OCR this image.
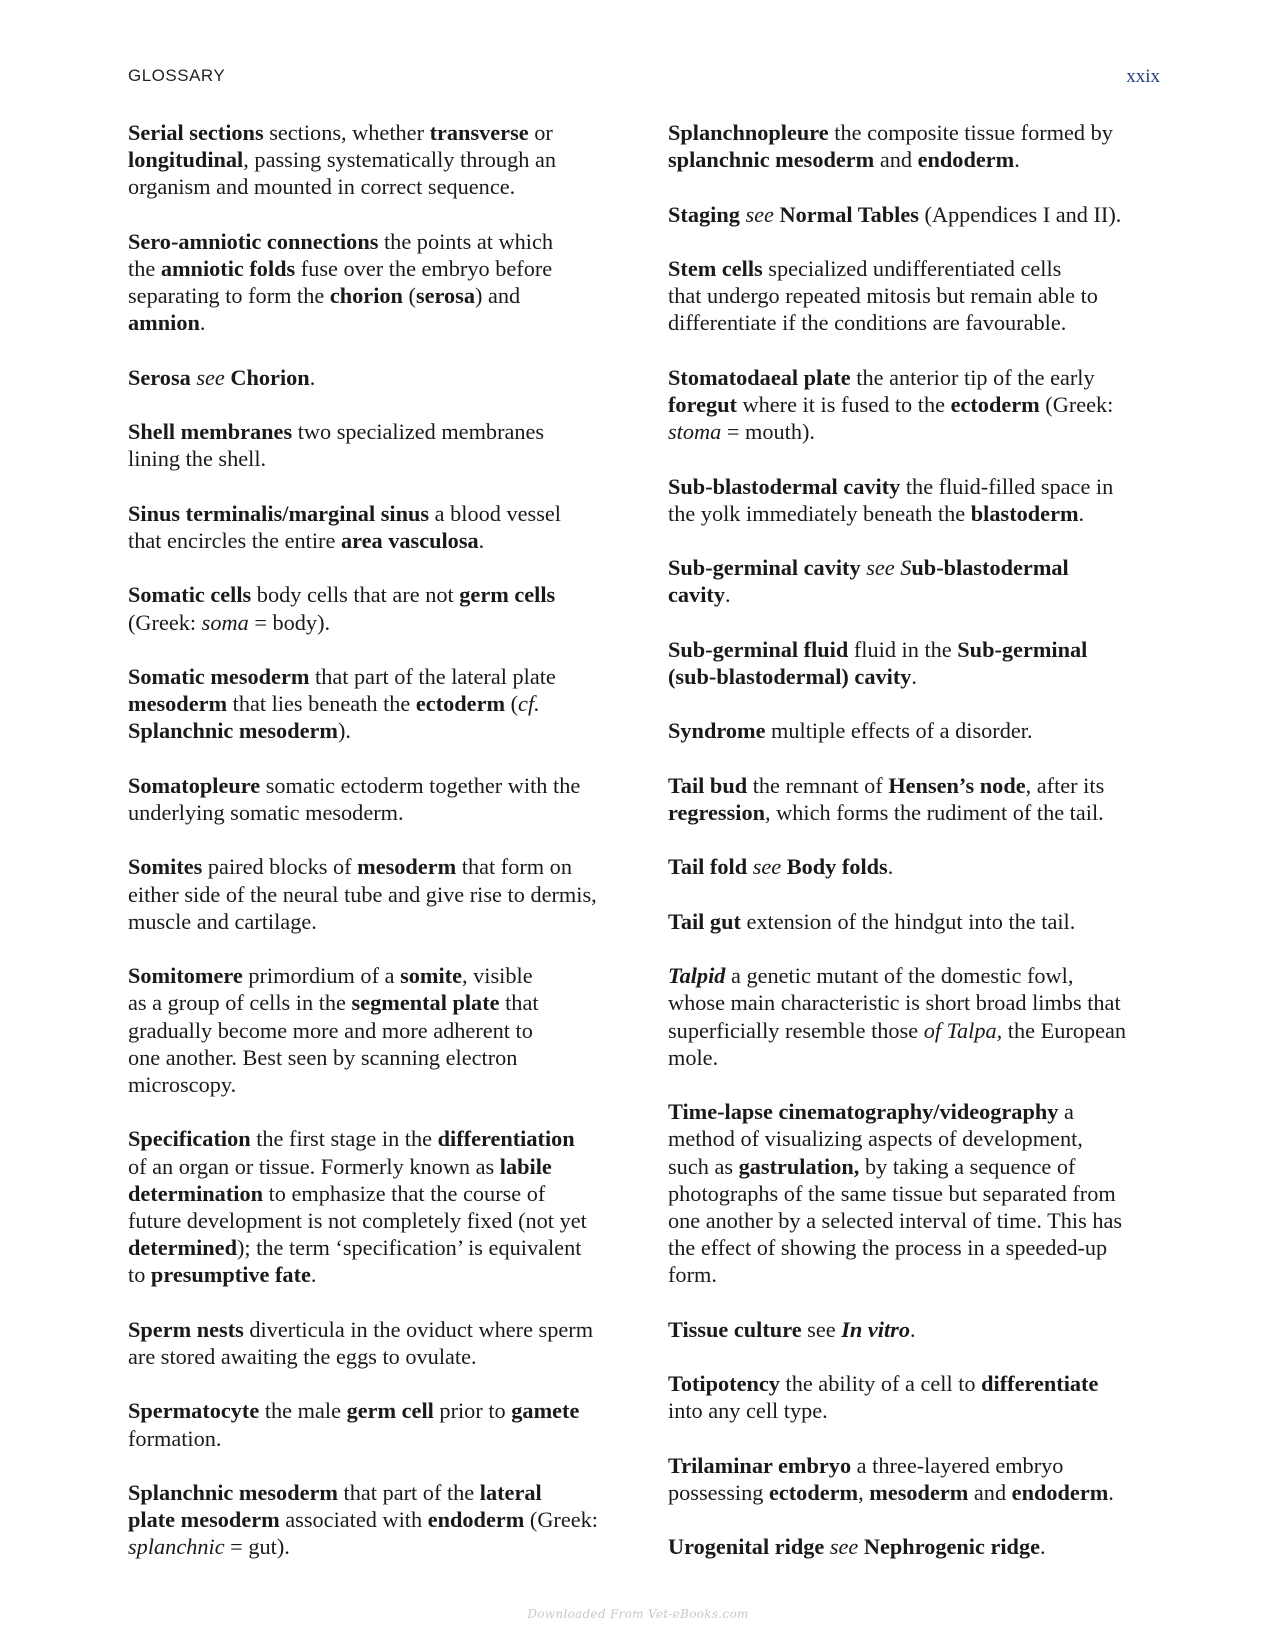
GLOSSARY	xxix
Serial sections sections, whether transverse or
longitudinal, passing systematically through an
organism and mounted in correct sequence.
Sero-amniotic connections the points at which
the amniotic folds fuse over the embryo before
separating to form the chorion (serosa) and
amnion.
Serosa see Chorion.
Shell membranes two specialized membranes
lining the shell.
Sinus terminalis/marginal sinus a blood vessel
that encircles the entire area vasculosa.
Somatic cells body cells that are not germ cells
(Greek: soma = body).
Somatic mesoderm that part of the lateral plate
mesoderm that lies beneath the ectoderm (cf.
Splanchnic mesoderm).
Somatopleure somatic ectoderm together with the
underlying somatic mesoderm.
Somites paired blocks of mesoderm that form on
either side of the neural tube and give rise to dermis,
muscle and cartilage.
Somitomere primordium of a somite, visible
as a group of cells in the segmental plate that
gradually become more and more adherent to
one another. Best seen by scanning electron
microscopy.
Specification the first stage in the differentiation
of an organ or tissue. Formerly known as labile
determination to emphasize that the course of
future development is not completely fixed (not yet
determined); the term ‘specification’ is equivalent
to presumptive fate.
Sperm nests diverticula in the oviduct where sperm
are stored awaiting the eggs to ovulate.
Spermatocyte the male germ cell prior to gamete
formation.
Splanchnic mesoderm that part of the lateral
plate mesoderm associated with endoderm (Greek:
splanchnic = gut).
Splanchnopleure the composite tissue formed by
splanchnic mesoderm and endoderm.
Staging see Normal Tables (Appendices I and II).
Stem cells specialized undifferentiated cells
that undergo repeated mitosis but remain able to
differentiate if the conditions are favourable.
Stomatodaeal plate the anterior tip of the early
foregut where it is fused to the ectoderm (Greek:
stoma = mouth).
Sub-blastodermal cavity the fluid-filled space in
the yolk immediately beneath the blastoderm.
Sub-germinal cavity see Sub-blastodermal
cavity.
Sub-germinal fluid fluid in the Sub-germinal
(sub-blastodermal) cavity.
Syndrome multiple effects of a disorder.
Tail bud the remnant of Hensen’s node, after its
regression, which forms the rudiment of the tail.
Tail fold see Body folds.
Tail gut extension of the hindgut into the tail.
Talpid a genetic mutant of the domestic fowl,
whose main characteristic is short broad limbs that
superficially resemble those of Talpa, the European
mole.
Time-lapse cinematography/videography a
method of visualizing aspects of development,
such as gastrulation, by taking a sequence of
photographs of the same tissue but separated from
one another by a selected interval of time. This has
the effect of showing the process in a speeded-up
form.
Tissue culture see In vitro.
Totipotency the ability of a cell to differentiate
into any cell type.
Trilaminar embryo a three-layered embryo
possessing ectoderm, mesoderm and endoderm.
Urogenital ridge see Nephrogenic ridge.
Downloaded From Vet-eBooks.com
